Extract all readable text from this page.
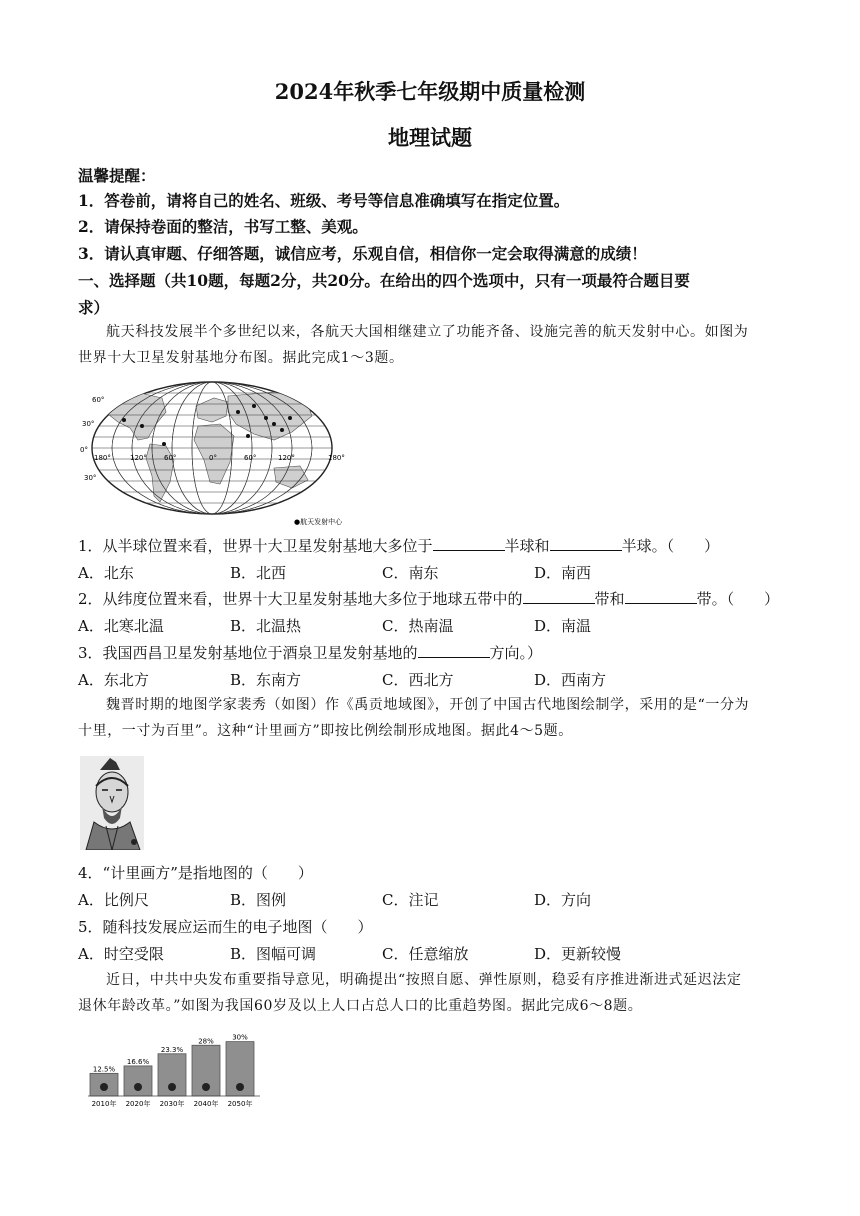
2024年秋季七年级期中质量检测
地理试题
温馨提醒：
1．答卷前，请将自己的姓名、班级、考号等信息准确填写在指定位置。
2．请保持卷面的整洁，书写工整、美观。
3．请认真审题、仔细答题，诚信应考，乐观自信，相信你一定会取得满意的成绩！
一、选择题（共10题，每题2分，共20分。在给出的四个选项中，只有一项最符合题目要
求）
航天科技发展半个多世纪以来，各航天大国相继建立了功能齐备、设施完善的航天发射中心。如图为
世界十大卫星发射基地分布图。据此完成1～3题。
60°
30°
0°
30°
180°	120° 60°	0°	60°	120°	180°
●航天发射中心
1．从半球位置来看，世界十大卫星发射基地大多位于	半球和	半球。（　　）
A．北东	B．北西	C．南东	D．南西
2．从纬度位置来看，世界十大卫星发射基地大多位于地球五带中的	带和	带。（　　）
A．北寒北温	B．北温热	C．热南温	D．南温
3．我国西昌卫星发射基地位于酒泉卫星发射基地的	方向。）
A．东北方	B．东南方	C．西北方	D．西南方
魏晋时期的地图学家裴秀（如图）作《禹贡地域图》，开创了中国古代地图绘制学，采用的是“一分为
十里，一寸为百里”。这种“计里画方”即按比例绘制形成地图。据此4～5题。
4．“计里画方”是指地图的（　　）
A．比例尺	B．图例	C．注记	D．方向
5．随科技发展应运而生的电子地图（　　）
A．时空受限	B．图幅可调	C．任意缩放	D．更新较慢
近日，中共中央发布重要指导意见，明确提出“按照自愿、弹性原则，稳妥有序推进渐进式延迟法定
退休年龄改革。”如图为我国60岁及以上人口占总人口的比重趋势图。据此完成6～8题。
12.5%
2010年
16.6%
2020年
23.3%
2030年
28%
2040年
30%
2050年
